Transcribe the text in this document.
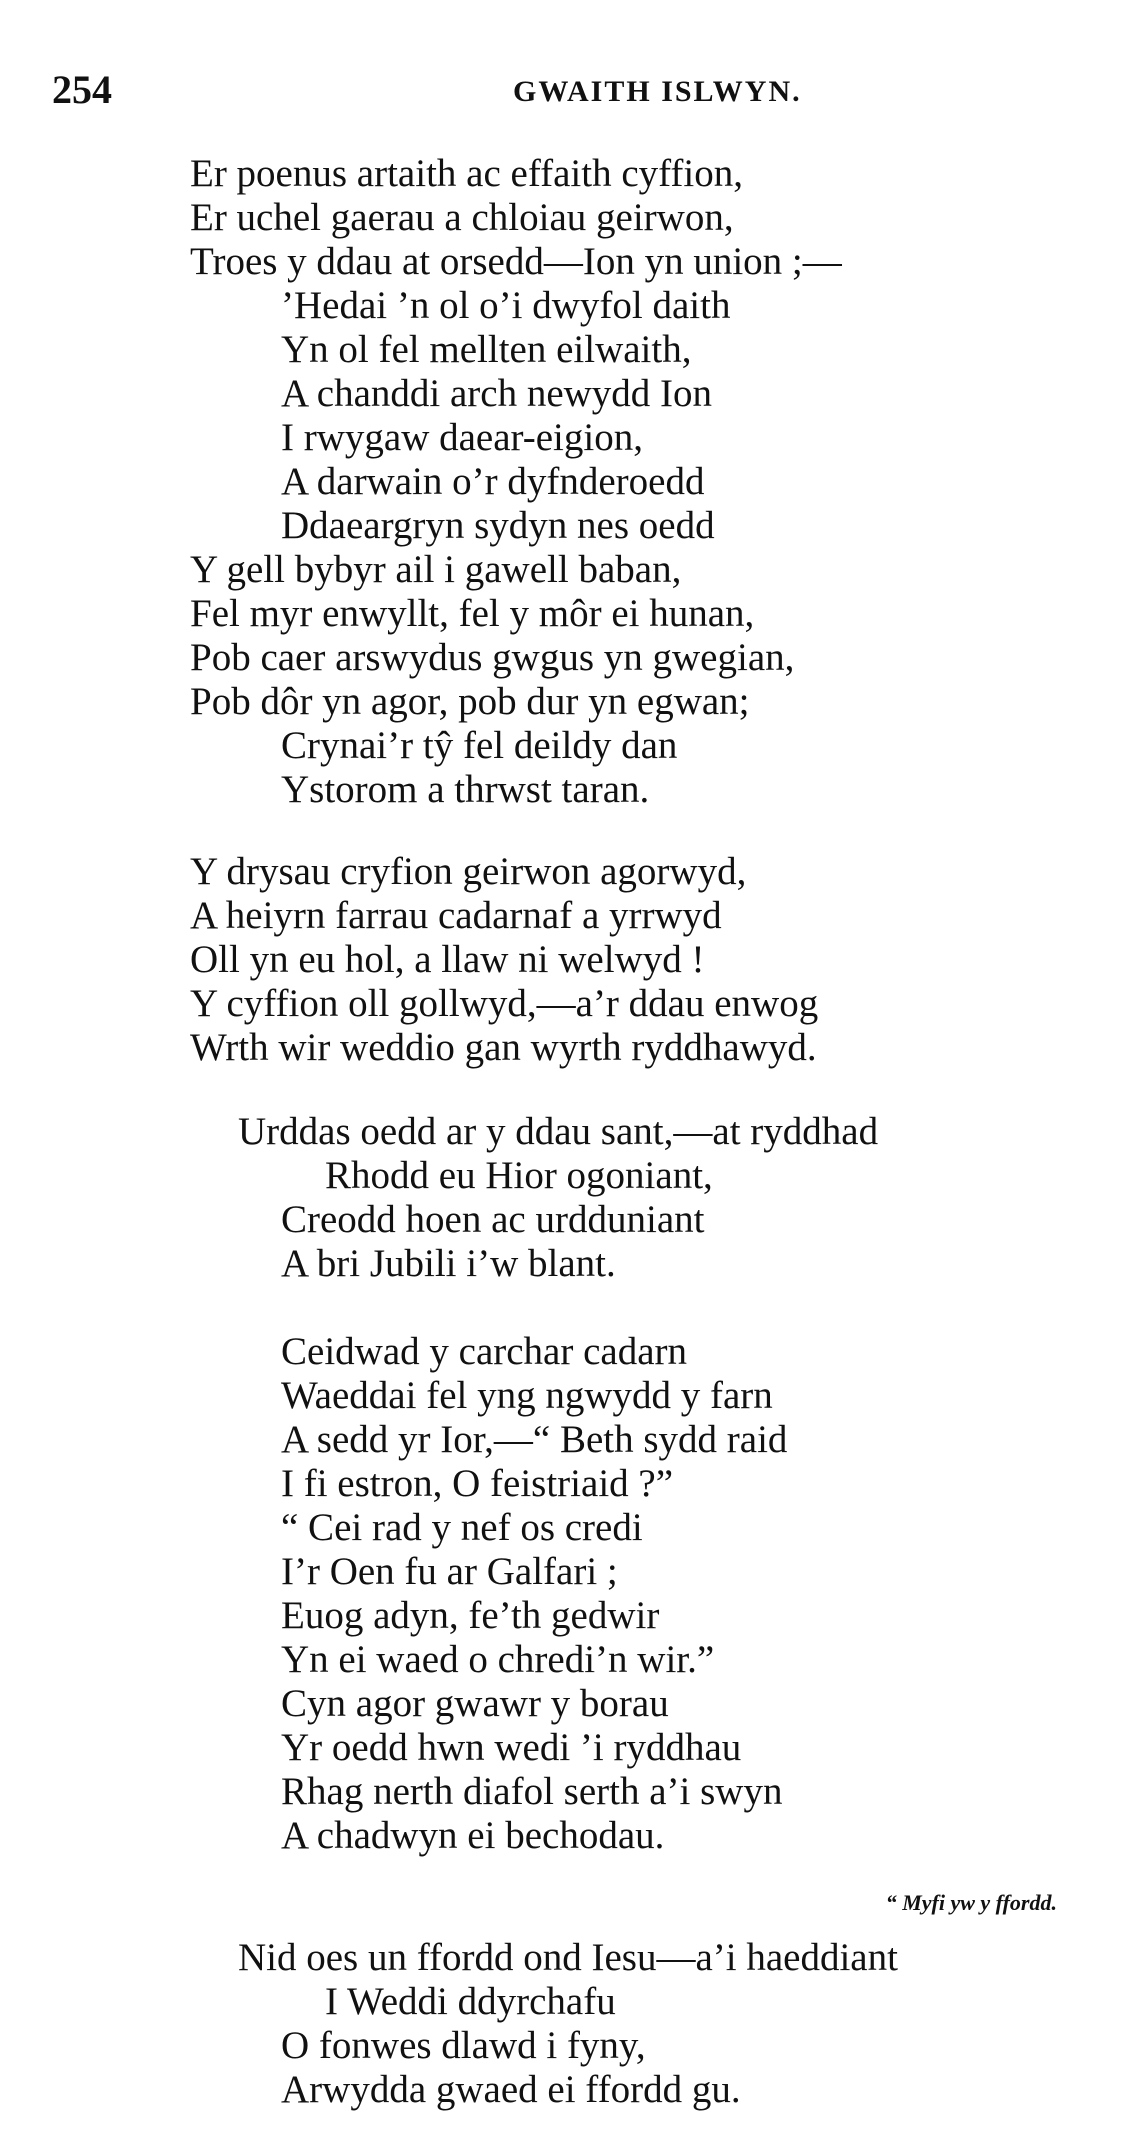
254	GWAITH ISLWYN.
Er poenus artaith ac effaith cyffion,
Er uchel gaerau a chloiau geirwon,
Troes y ddau at orsedd—Ion yn union ;—
’Hedai ’n ol o’i dwyfol daith
Yn ol fel mellten eilwaith,
A chanddi arch newydd Ion
I rwygaw daear-eigion,
A darwain o’r dyfnderoedd
Ddaeargryn sydyn nes oedd
Y gell bybyr ail i gawell baban,
Fel myr enwyllt, fel y môr ei hunan,
Pob caer arswydus gwgus yn gwegian,
Pob dôr yn agor, pob dur yn egwan;
Crynai’r tŷ fel deildy dan
Ystorom a thrwst taran.
Y drysau cryfion geirwon agorwyd,
A heiyrn farrau cadarnaf a yrrwyd
Oll yn eu hol, a llaw ni welwyd !
Y cyffion oll gollwyd,—a’r ddau enwog
Wrth wir weddio gan wyrth ryddhawyd.
Urddas oedd ar y ddau sant,—at ryddhad
Rhodd eu Hior ogoniant,
Creodd hoen ac urdduniant
A bri Jubili i’w blant.
Ceidwad y carchar cadarn
Waeddai fel yng ngwydd y farn
A sedd yr Ior,—“ Beth sydd raid
I fi estron, O feistriaid ?”
“ Cei rad y nef os credi
I’r Oen fu ar Galfari ;
Euog adyn, fe’th gedwir
Yn ei waed o chredi’n wir.”
Cyn agor gwawr y borau
Yr oedd hwn wedi ’i ryddhau
Rhag nerth diafol serth a’i swyn
A chadwyn ei bechodau.
“ Myfi yw y ffordd.
Nid oes un ffordd ond Iesu—a’i haeddiant
I Weddi ddyrchafu
O fonwes dlawd i fyny,
Arwydda gwaed ei ffordd gu.
